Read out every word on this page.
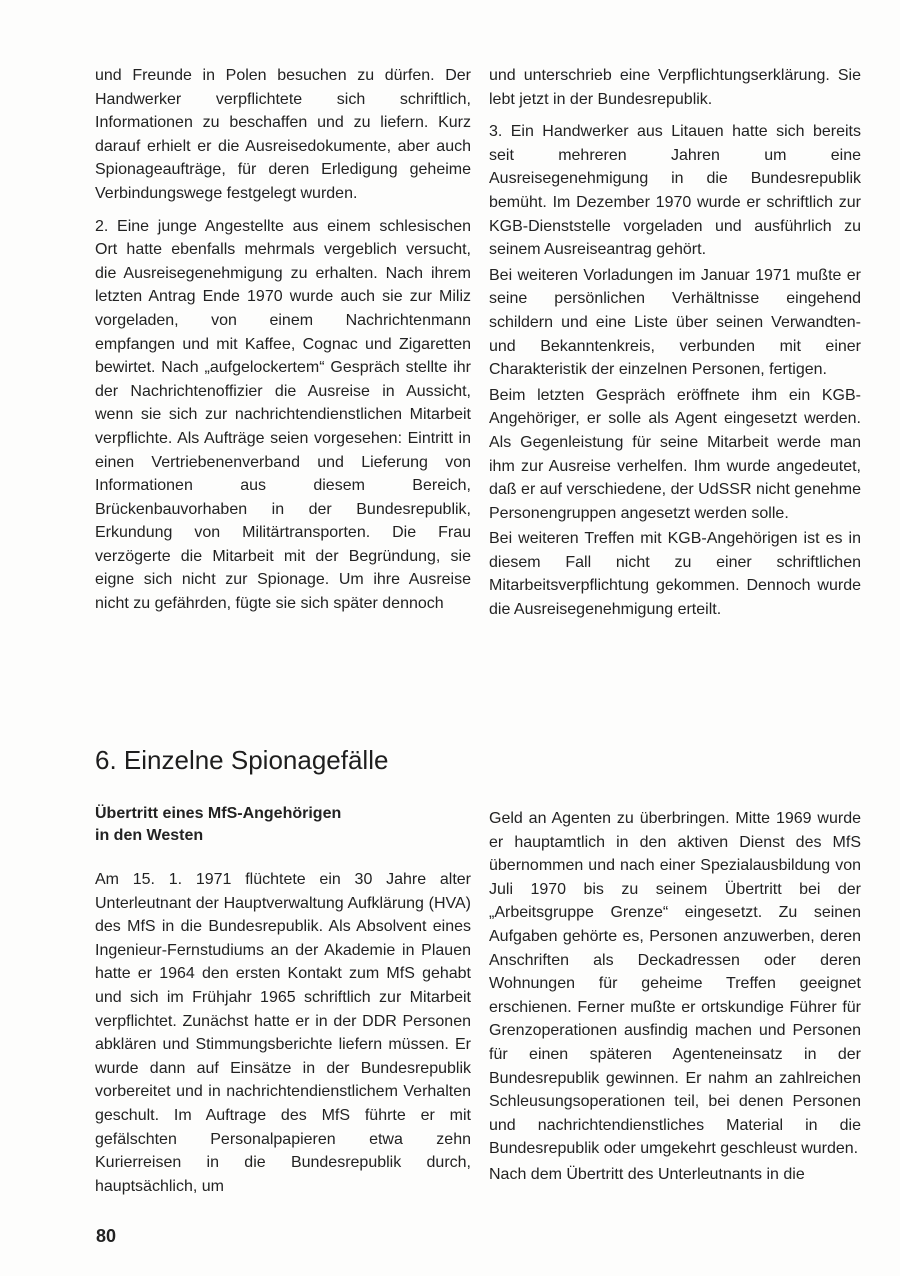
und Freunde in Polen besuchen zu dürfen. Der Handwerker verpflichtete sich schriftlich, Informationen zu beschaffen und zu liefern. Kurz darauf erhielt er die Ausreisedokumente, aber auch Spionageaufträge, für deren Erledigung geheime Verbindungswege festgelegt wurden.

2. Eine junge Angestellte aus einem schlesischen Ort hatte ebenfalls mehrmals vergeblich versucht, die Ausreisegenehmigung zu erhalten. Nach ihrem letzten Antrag Ende 1970 wurde auch sie zur Miliz vorgeladen, von einem Nachrichtenmann empfangen und mit Kaffee, Cognac und Zigaretten bewirtet. Nach „aufgelockertem“ Gespräch stellte ihr der Nachrichtenoffizier die Ausreise in Aussicht, wenn sie sich zur nachrichtendienstlichen Mitarbeit verpflichte. Als Aufträge seien vorgesehen: Eintritt in einen Vertriebenenverband und Lieferung von Informationen aus diesem Bereich, Brückenbauvorhaben in der Bundesrepublik, Erkundung von Militärtransporten. Die Frau verzögerte die Mitarbeit mit der Begründung, sie eigne sich nicht zur Spionage. Um ihre Ausreise nicht zu gefährden, fügte sie sich später dennoch

und unterschrieb eine Verpflichtungserklärung. Sie lebt jetzt in der Bundesrepublik.

3. Ein Handwerker aus Litauen hatte sich bereits seit mehreren Jahren um eine Ausreisegenehmigung in die Bundesrepublik bemüht. Im Dezember 1970 wurde er schriftlich zur KGB-Dienststelle vorgeladen und ausführlich zu seinem Ausreiseantrag gehört.

Bei weiteren Vorladungen im Januar 1971 mußte er seine persönlichen Verhältnisse eingehend schildern und eine Liste über seinen Verwandten- und Bekanntenkreis, verbunden mit einer Charakteristik der einzelnen Personen, fertigen.

Beim letzten Gespräch eröffnete ihm ein KGB-Angehöriger, er solle als Agent eingesetzt werden. Als Gegenleistung für seine Mitarbeit werde man ihm zur Ausreise verhelfen. Ihm wurde angedeutet, daß er auf verschiedene, der UdSSR nicht genehme Personengruppen angesetzt werden solle.

Bei weiteren Treffen mit KGB-Angehörigen ist es in diesem Fall nicht zu einer schriftlichen Mitarbeitsverpflichtung gekommen. Dennoch wurde die Ausreisegenehmigung erteilt.

6. Einzelne Spionagefälle
Übertritt eines MfS-Angehörigen
in den Westen

Am 15. 1. 1971 flüchtete ein 30 Jahre alter Unterleutnant der Hauptverwaltung Aufklärung (HVA) des MfS in die Bundesrepublik. Als Absolvent eines Ingenieur-Fernstudiums an der Akademie in Plauen hatte er 1964 den ersten Kontakt zum MfS gehabt und sich im Frühjahr 1965 schriftlich zur Mitarbeit verpflichtet. Zunächst hatte er in der DDR Personen abklären und Stimmungsberichte liefern müssen. Er wurde dann auf Einsätze in der Bundesrepublik vorbereitet und in nachrichtendienstlichem Verhalten geschult. Im Auftrage des MfS führte er mit gefälschten Personalpapieren etwa zehn Kurierreisen in die Bundesrepublik durch, hauptsächlich, um

Geld an Agenten zu überbringen. Mitte 1969 wurde er hauptamtlich in den aktiven Dienst des MfS übernommen und nach einer Spezialausbildung von Juli 1970 bis zu seinem Übertritt bei der „Arbeitsgruppe Grenze“ eingesetzt. Zu seinen Aufgaben gehörte es, Personen anzuwerben, deren Anschriften als Deckadressen oder deren Wohnungen für geheime Treffen geeignet erschienen. Ferner mußte er ortskundige Führer für Grenzoperationen ausfindig machen und Personen für einen späteren Agenteneinsatz in der Bundesrepublik gewinnen. Er nahm an zahlreichen Schleusungsoperationen teil, bei denen Personen und nachrichtendienstliches Material in die Bundesrepublik oder umgekehrt geschleust wurden.

Nach dem Übertritt des Unterleutnants in die

80
